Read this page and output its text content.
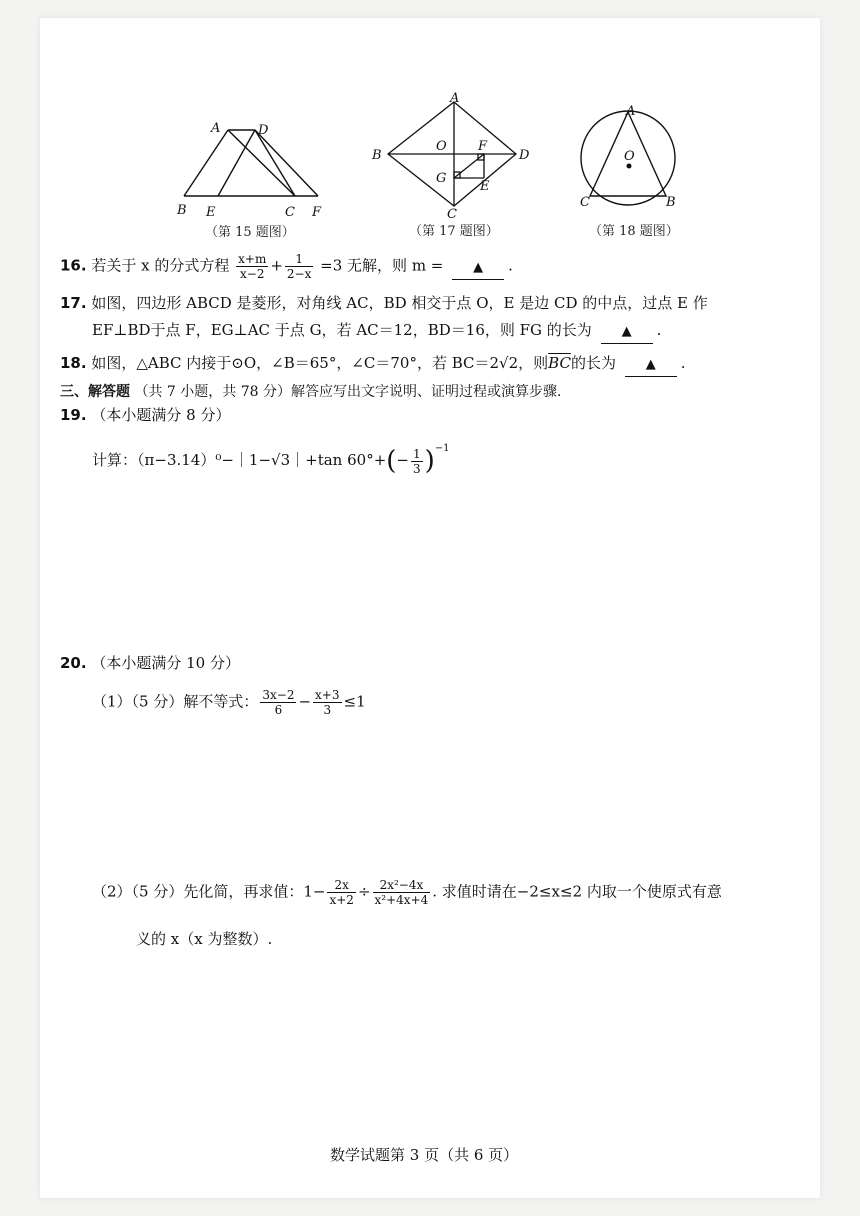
A	D
B E	C F
（第 15 题图）
A
B
O F
D
G
E
C
（第 17 题图）
A
O
C	B
（第 18 题图）
16. 若关于 x 的分式方程 $\frac{x+m}{x-2} + \frac{1}{2-x} =3$ 无解，则 m = ▲ .
17. 如图，四边形 ABCD 是菱形，对角线 AC，BD 相交于点 O，E 是边 CD 的中点，过点 E 作
EF⊥BD于点 F，EG⊥AC 于点 G，若 AC＝12，BD＝16，则 FG 的长为 ▲ .
18. 如图，△ABC 内接于⊙O，∠B＝65°，∠C＝70°，若 BC＝2√2，则$\overline{BC}$的长为 ▲ .
三、解答题 （共 7 小题，共 78 分）解答应写出文字说明、证明过程或演算步骤.
19. （本小题满分 8 分）
计算：（π−3.14）⁰−｜1−√3｜+tan $60^\circ+(- \frac{1}{3} )^{-1}$
20. （本小题满分 10 分）
（1）（5 分）解不等式： $\frac{3x-2}{6} - \frac{x+3}{3} \le 1$
（2）（5 分）先化简，再求值：$1- \frac{2x}{x+2} \div \frac{\text{2x²−4x}}{\text{x²+4x+4}}$ . 求值时请在−2≤x≤2 内取一个使原式有意
义的 x（x 为整数）.
数学试题第 3 页（共 6 页）
